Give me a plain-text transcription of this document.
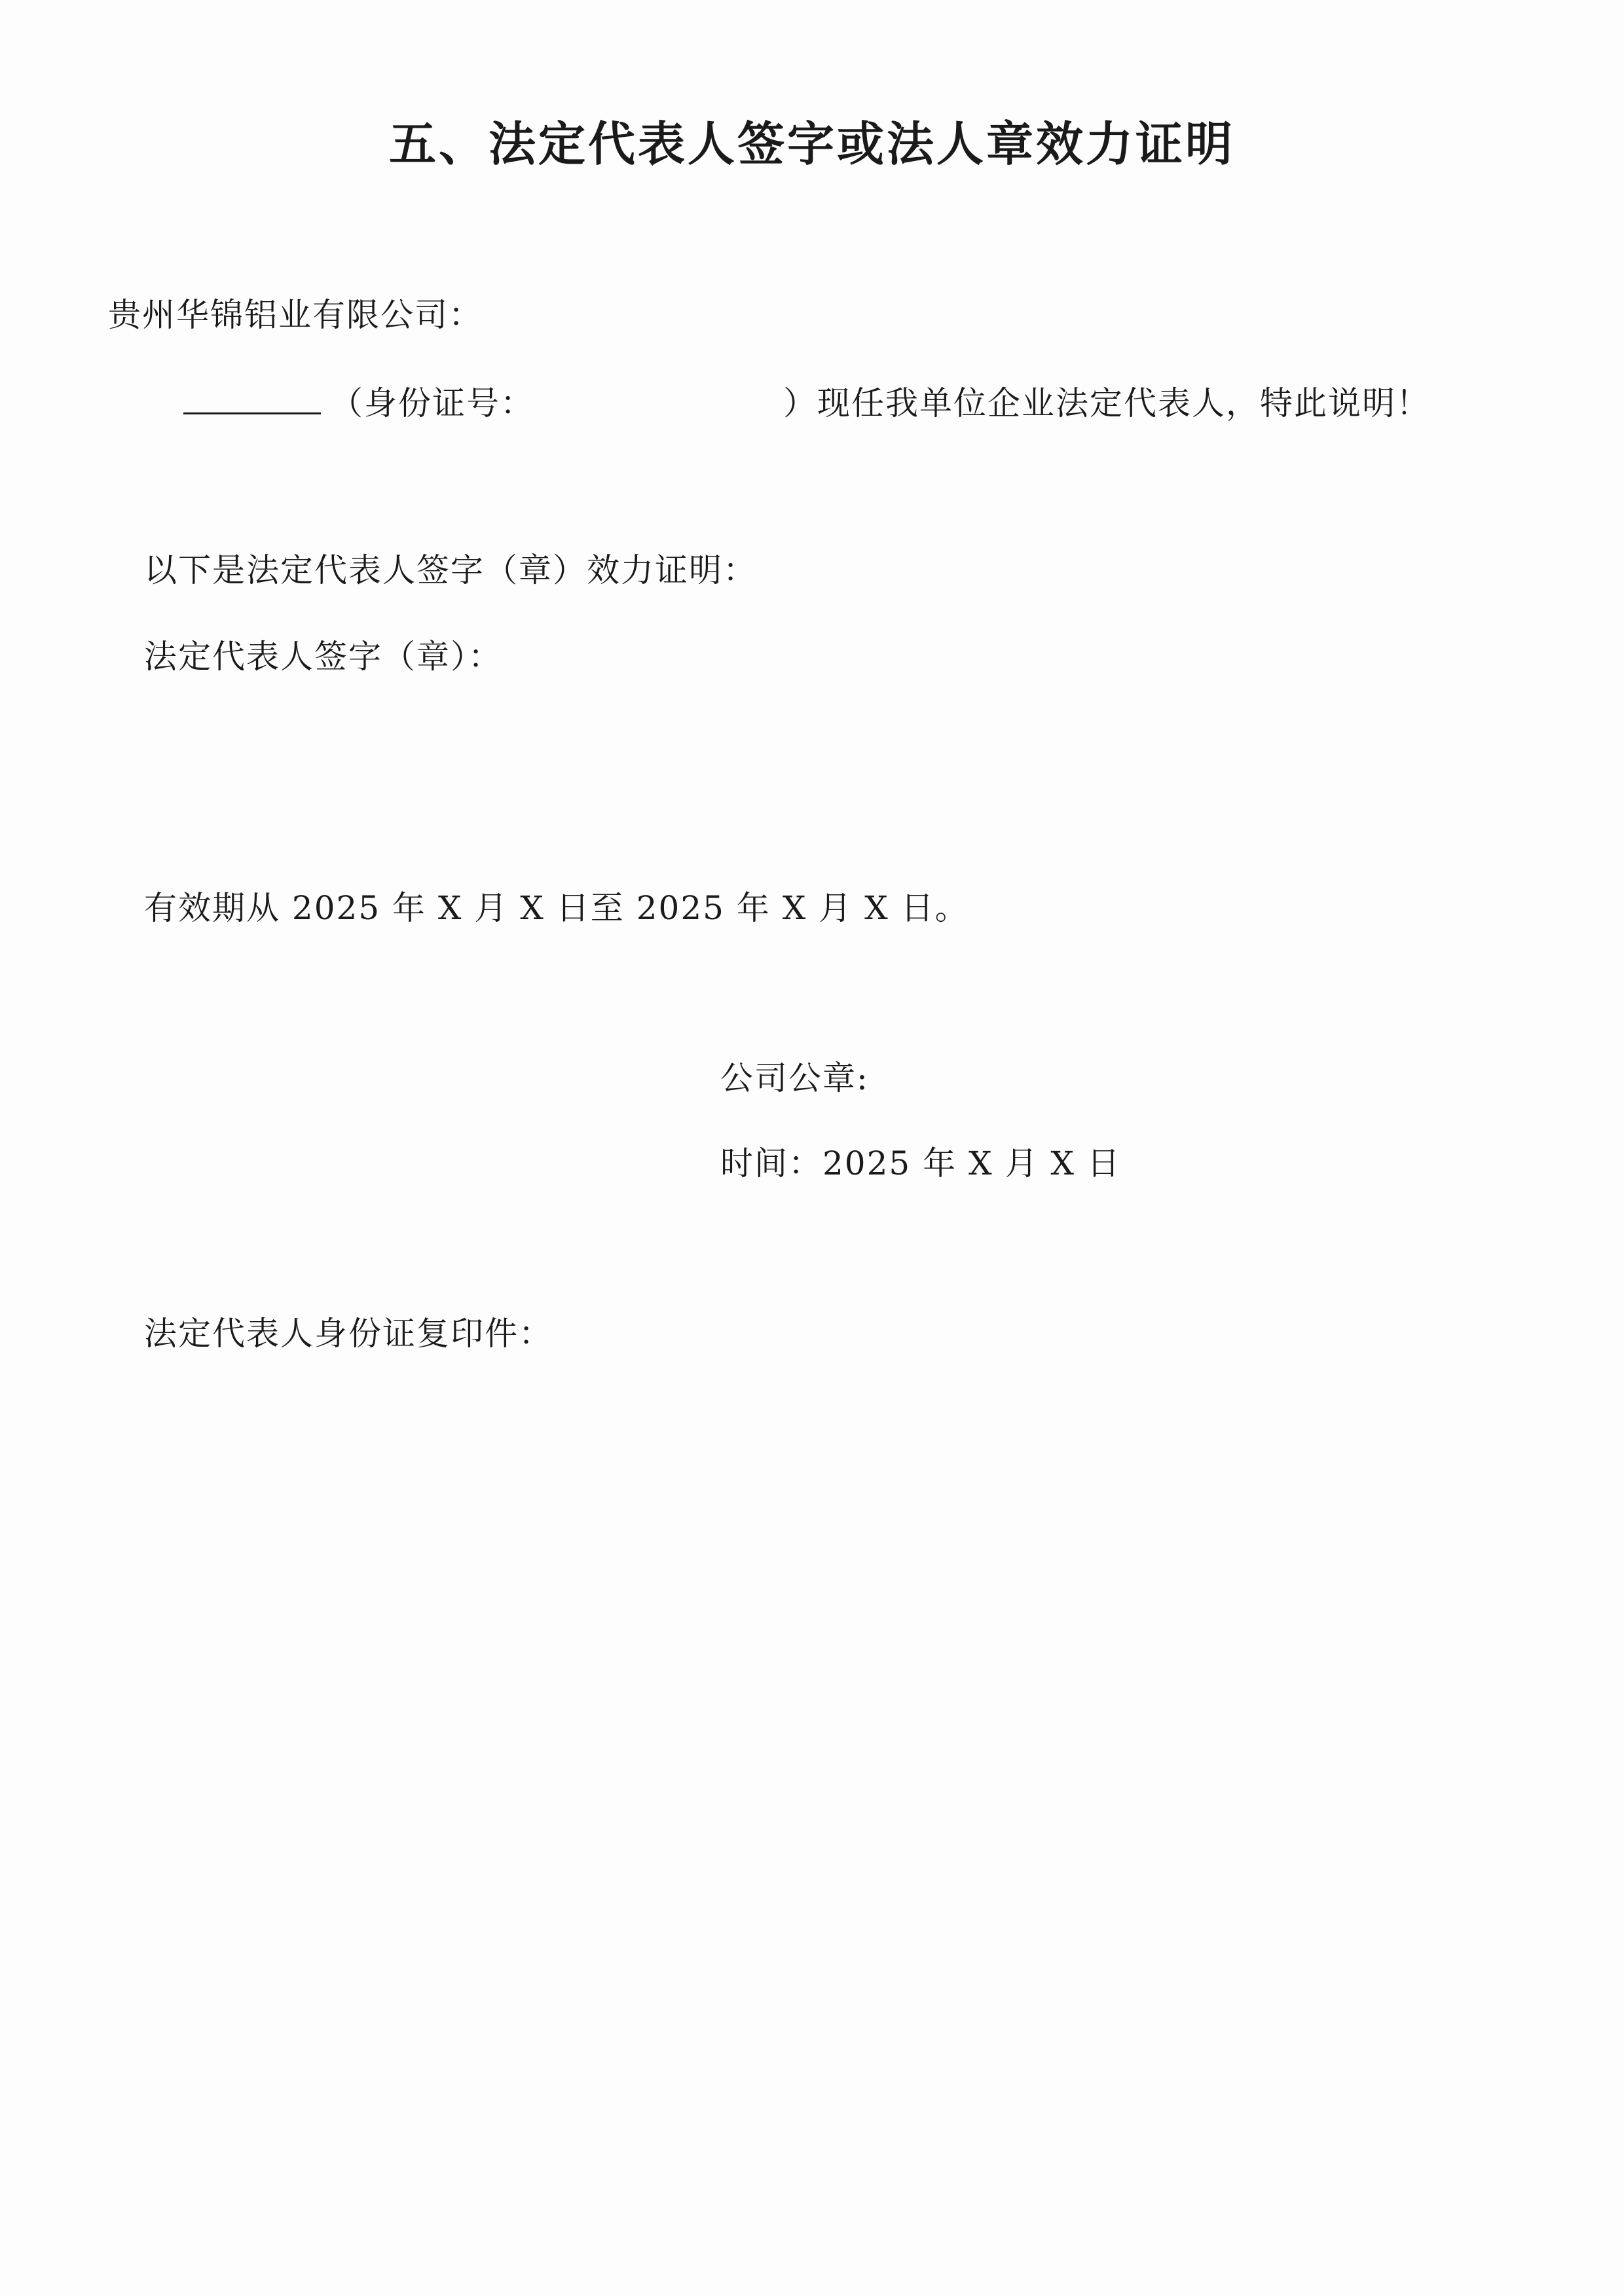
五、法定代表人签字或法人章效力证明
贵州华锦铝业有限公司：
（身份证号：	）现任我单位企业法定代表人，特此说明！
以下是法定代表人签字（章）效力证明：
法定代表人签字（章）：
有效期从 2025 年 X 月 X 日至 2025 年 X 月 X 日。
公司公章:
时间：2025 年 X 月 X 日
法定代表人身份证复印件：
